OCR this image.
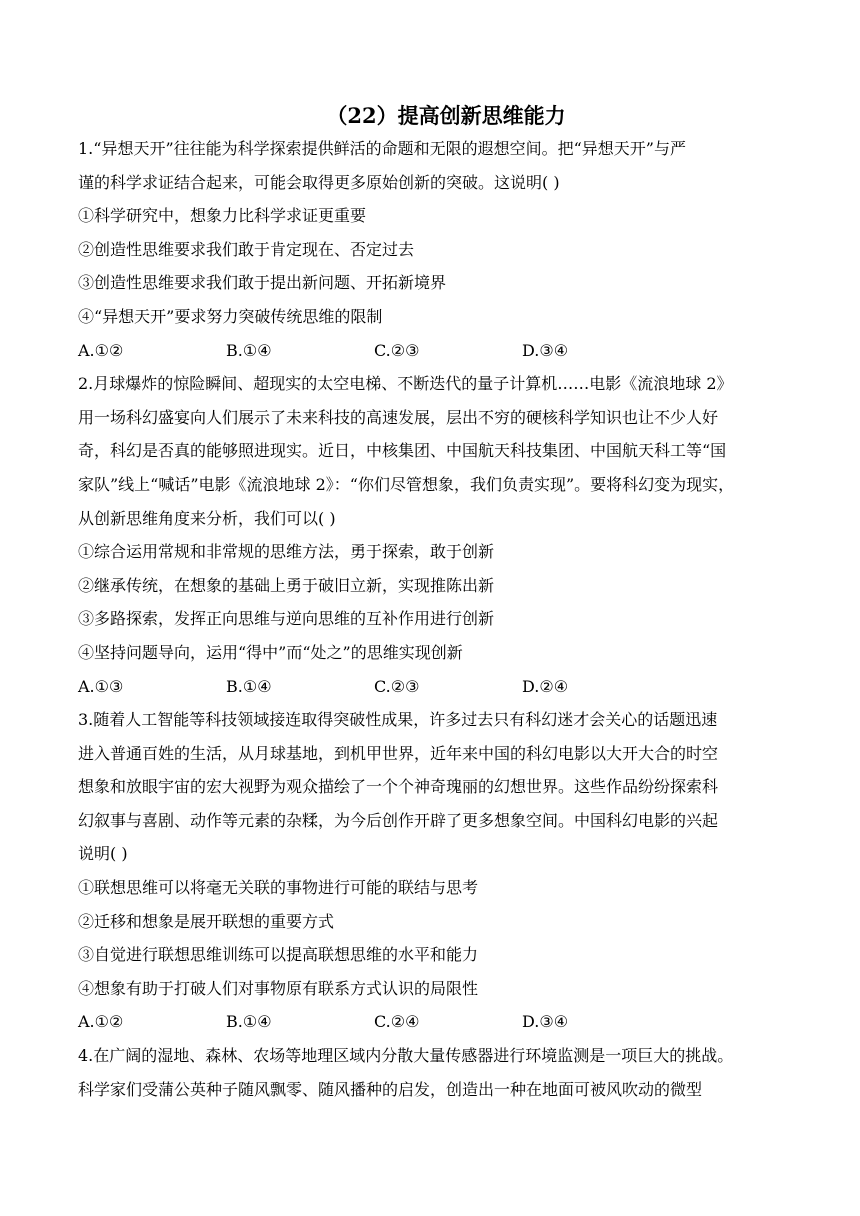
（22）提高创新思维能力
1.“异想天开”往往能为科学探索提供鲜活的命题和无限的遐想空间。把“异想天开”与严
谨的科学求证结合起来，可能会取得更多原始创新的突破。这说明( )
①科学研究中，想象力比科学求证更重要
②创造性思维要求我们敢于肯定现在、否定过去
③创造性思维要求我们敢于提出新问题、开拓新境界
④“异想天开”要求努力突破传统思维的限制
A.①②	B.①④	C.②③	D.③④
2.月球爆炸的惊险瞬间、超现实的太空电梯、不断迭代的量子计算机……电影《流浪地球 2》
用一场科幻盛宴向人们展示了未来科技的高速发展，层出不穷的硬核科学知识也让不少人好
奇，科幻是否真的能够照进现实。近日，中核集团、中国航天科技集团、中国航天科工等“国
家队”线上“喊话”电影《流浪地球 2》：“你们尽管想象，我们负责实现”。要将科幻变为现实，
从创新思维角度来分析，我们可以( )
①综合运用常规和非常规的思维方法，勇于探索，敢于创新
②继承传统，在想象的基础上勇于破旧立新，实现推陈出新
③多路探索，发挥正向思维与逆向思维的互补作用进行创新
④坚持问题导向，运用“得中”而“处之”的思维实现创新
A.①③	B.①④	C.②③	D.②④
3.随着人工智能等科技领域接连取得突破性成果，许多过去只有科幻迷才会关心的话题迅速
进入普通百姓的生活，从月球基地，到机甲世界，近年来中国的科幻电影以大开大合的时空
想象和放眼宇宙的宏大视野为观众描绘了一个个神奇瑰丽的幻想世界。这些作品纷纷探索科
幻叙事与喜剧、动作等元素的杂糅，为今后创作开辟了更多想象空间。中国科幻电影的兴起
说明( )
①联想思维可以将毫无关联的事物进行可能的联结与思考
②迁移和想象是展开联想的重要方式
③自觉进行联想思维训练可以提高联想思维的水平和能力
④想象有助于打破人们对事物原有联系方式认识的局限性
A.①②	B.①④	C.②④	D.③④
4.在广阔的湿地、森林、农场等地理区域内分散大量传感器进行环境监测是一项巨大的挑战。
科学家们受蒲公英种子随风飘零、随风播种的启发，创造出一种在地面可被风吹动的微型
